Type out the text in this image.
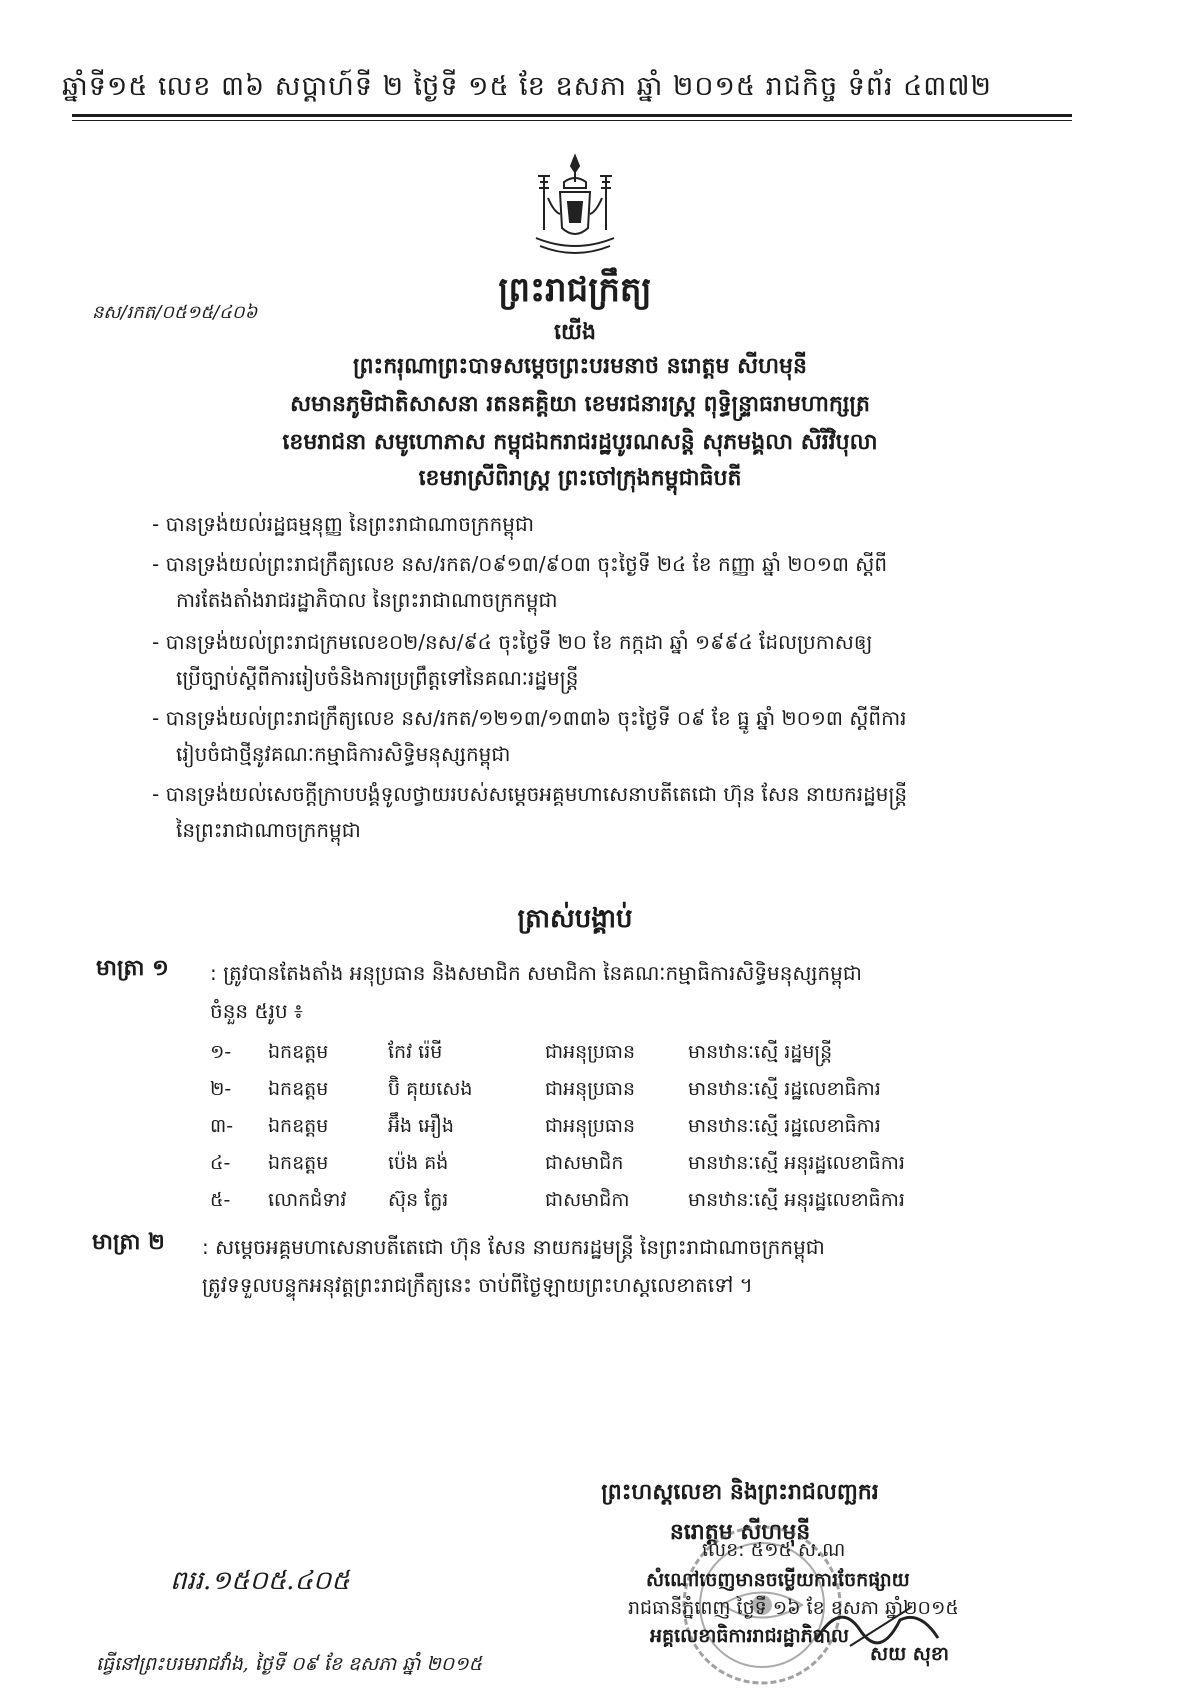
ឆ្នាំទី១៥ លេខ ៣៦ សប្តាហ៍ទី ២ ថ្ងៃទី ១៥ ខែ ឧសភា ឆ្នាំ ២០១៥ រាជកិច្ច ទំព័រ ៤៣៧២
ព្រះរាជក្រឹត្យ
នស/រកត/០៥១៥/៤០៦
យើង
ព្រះករុណាព្រះបាទសម្តេចព្រះបរមនាថ នរោត្តម សីហមុនី
សមានភូមិជាតិសាសនា រតនគគ្តិយា ខេមរជនារស្ត្រ ពុទ្ធិន្ទ្រាធរាមហាក្សត្រ
ខេមរាជនា សមូហោភាស កម្ពុជឯករាជរដ្ឋបូរណសន្តិ សុភមង្គលា សិរីវិបុលា
ខេមរាស្រីពិរាស្ត្រ ព្រះចៅក្រុងកម្ពុជាធិបតី
- បានទ្រង់យល់រដ្ឋធម្មនុញ្ញ នៃព្រះរាជាណាចក្រកម្ពុជា
- បានទ្រង់យល់ព្រះរាជក្រឹត្យលេខ នស/រកត/០៩១៣/៩០៣ ចុះថ្ងៃទី ២៤ ខែ កញ្ញា ឆ្នាំ ២០១៣ ស្តីពី
ការតែងតាំងរាជរដ្ឋាភិបាល នៃព្រះរាជាណាចក្រកម្ពុជា
- បានទ្រង់យល់ព្រះរាជក្រមលេខ០២/នស/៩៤ ចុះថ្ងៃទី ២០ ខែ កក្កដា ឆ្នាំ ១៩៩៤ ដែលប្រកាសឲ្យ
ប្រើច្បាប់ស្តីពីការរៀបចំនិងការប្រព្រឹត្តទៅនៃគណៈរដ្ឋមន្ត្រី
- បានទ្រង់យល់ព្រះរាជក្រឹត្យលេខ នស/រកត/១២១៣/១៣៣៦ ចុះថ្ងៃទី ០៩ ខែ ធ្នូ ឆ្នាំ ២០១៣ ស្តីពីការ
រៀបចំជាថ្មីនូវគណៈកម្មាធិការសិទ្ធិមនុស្សកម្ពុជា
- បានទ្រង់យល់សេចក្តីក្រាបបង្គំទូលថ្វាយរបស់សម្តេចអគ្គមហាសេនាបតីតេជោ ហ៊ុន សែន នាយករដ្ឋមន្ត្រី
នៃព្រះរាជាណាចក្រកម្ពុជា
ត្រាស់បង្គាប់
មាត្រា ១ : ត្រូវបានតែងតាំង អនុប្រធាន និងសមាជិក សមាជិកា នៃគណៈកម្មាធិការសិទ្ធិមនុស្សកម្ពុជា
ចំនួន ៥រូប ៖
១- ឯកឧត្តម	កែវ រ៉េមី	ជាអនុប្រធាន	មានឋានៈស្មើ រដ្ឋមន្ត្រី
២- ឯកឧត្តម	ប៊ិ គុយសេង	ជាអនុប្រធាន	មានឋានៈស្មើ រដ្ឋលេខាធិការ
៣- ឯកឧត្តម	អ៊ឹង អឿង	ជាអនុប្រធាន	មានឋានៈស្មើ រដ្ឋលេខាធិការ
៤- ឯកឧត្តម	ប៉េង គង់	ជាសមាជិក	មានឋានៈស្មើ អនុរដ្ឋលេខាធិការ
៥- លោកជំទាវ ស៊ុន ក្លែរ	ជាសមាជិកា	មានឋានៈស្មើ អនុរដ្ឋលេខាធិការ
មាត្រា ២ : សម្តេចអគ្គមហាសេនាបតីតេជោ ហ៊ុន សែន នាយករដ្ឋមន្ត្រី នៃព្រះរាជាណាចក្រកម្ពុជា
ត្រូវទទួលបន្ទុកអនុវត្តព្រះរាជក្រឹត្យនេះ ចាប់ពីថ្ងៃឡាយព្រះហស្តលេខាតទៅ ។
ព្រះហស្តលេខា និងព្រះរាជលញ្ឆករ
នរោត្តម សីហមុនី
លេខ: ៥១៥ ស.ណ
សំណៅចេញមានចម្លើយការចែកផ្សាយ
រាជធានីភ្នំពេញ ថ្ងៃទី ១៦ ខែ ឧសភា ឆ្នាំ២០១៥
អគ្គលេខាធិការរាជរដ្ឋាភិបាល
សយ សុខា
ពររ.១៥០៥.៤០៥
ធ្វើនៅព្រះបរមរាជវាំង, ថ្ងៃទី ០៩ ខែ ឧសភា ឆ្នាំ ២០១៥
